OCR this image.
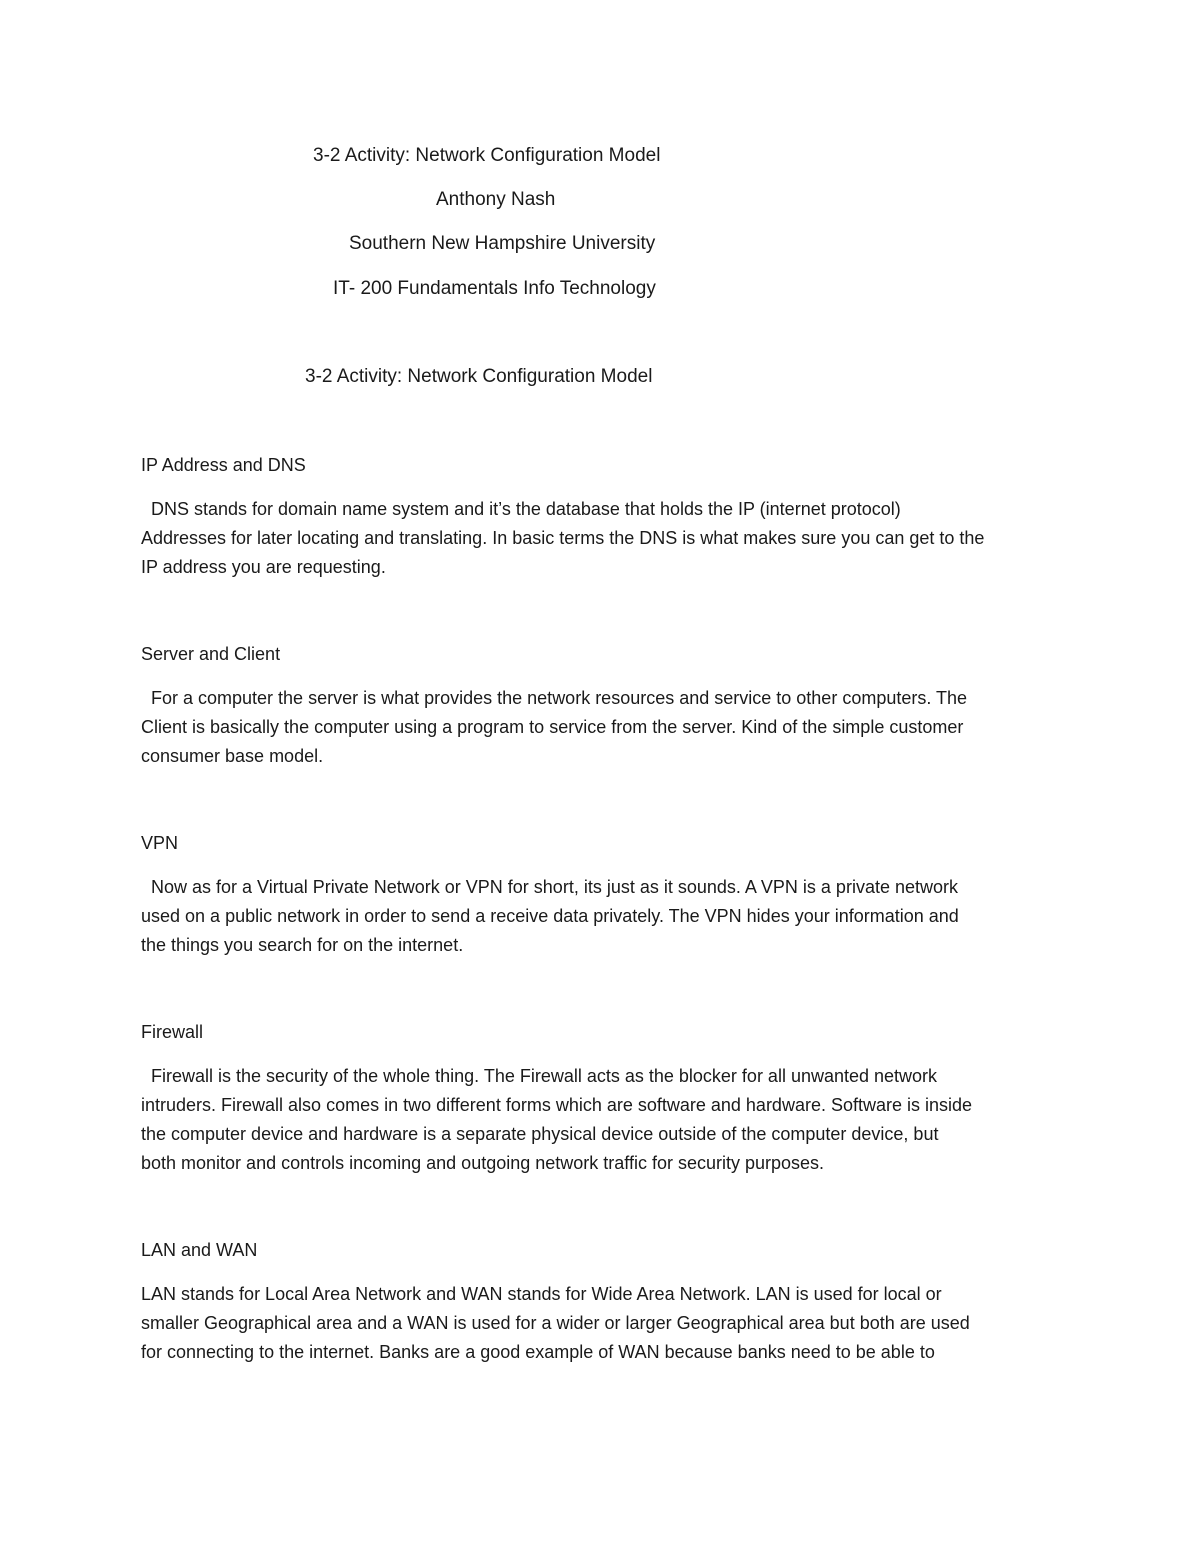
3-2 Activity: Network Configuration Model
Anthony Nash
Southern New Hampshire University
IT- 200 Fundamentals Info Technology
3-2 Activity: Network Configuration Model
IP Address and DNS
DNS stands for domain name system and it’s the database that holds the IP (internet protocol)
Addresses for later locating and translating. In basic terms the DNS is what makes sure you can get to the
IP address you are requesting.
Server and Client
For a computer the server is what provides the network resources and service to other computers. The
Client is basically the computer using a program to service from the server. Kind of the simple customer
consumer base model.
VPN
Now as for a Virtual Private Network or VPN for short, its just as it sounds. A VPN is a private network
used on a public network in order to send a receive data privately. The VPN hides your information and
the things you search for on the internet.
Firewall
Firewall is the security of the whole thing. The Firewall acts as the blocker for all unwanted network
intruders. Firewall also comes in two different forms which are software and hardware. Software is inside
the computer device and hardware is a separate physical device outside of the computer device, but
both monitor and controls incoming and outgoing network traffic for security purposes.
LAN and WAN
LAN stands for Local Area Network and WAN stands for Wide Area Network. LAN is used for local or
smaller Geographical area and a WAN is used for a wider or larger Geographical area but both are used
for connecting to the internet. Banks are a good example of WAN because banks need to be able to
